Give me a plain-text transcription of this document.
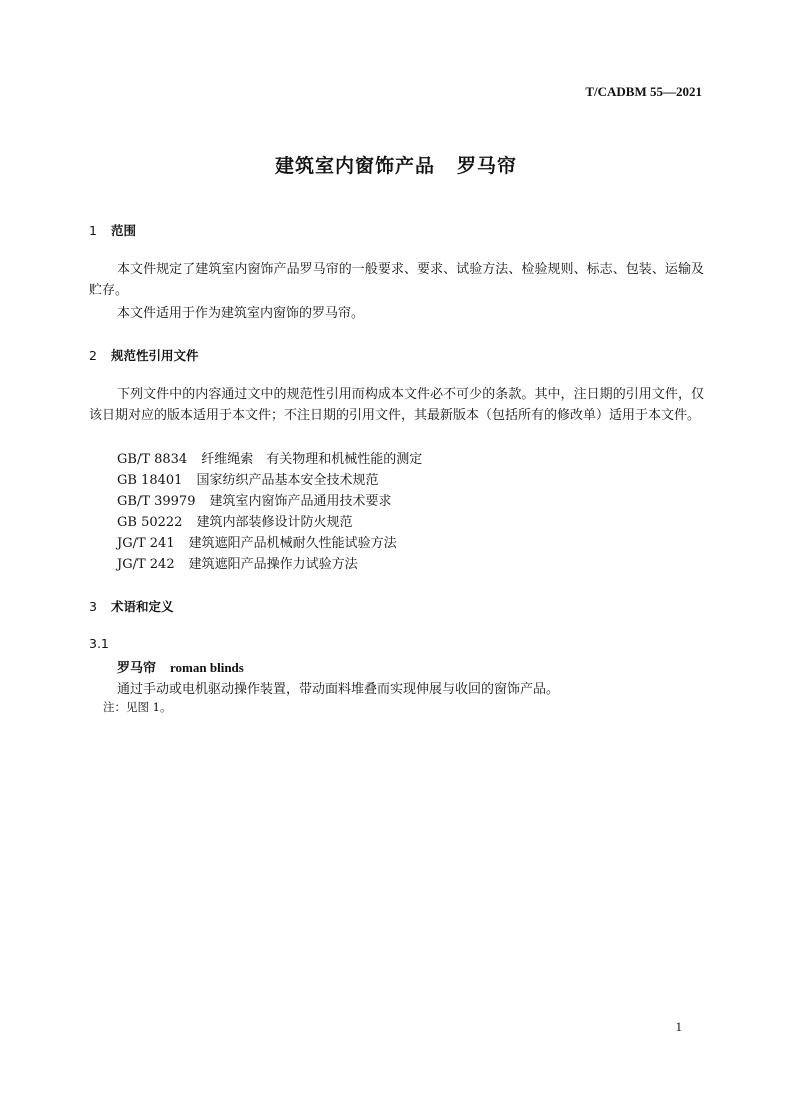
T/CADBM 55—2021
建筑室内窗饰产品 罗马帘
1 范围
本文件规定了建筑室内窗饰产品罗马帘的一般要求、要求、试验方法、检验规则、标志、包装、运输及贮存。
本文件适用于作为建筑室内窗饰的罗马帘。
2 规范性引用文件
下列文件中的内容通过文中的规范性引用而构成本文件必不可少的条款。其中，注日期的引用文件，仅该日期对应的版本适用于本文件；不注日期的引用文件，其最新版本（包括所有的修改单）适用于本文件。
GB/T 8834 纤维绳索　有关物理和机械性能的测定
GB 18401 国家纺织产品基本安全技术规范
GB/T 39979 建筑室内窗饰产品通用技术要求
GB 50222 建筑内部装修设计防火规范
JG/T 241 建筑遮阳产品机械耐久性能试验方法
JG/T 242 建筑遮阳产品操作力试验方法
3 术语和定义
3.1
罗马帘 roman blinds
通过手动或电机驱动操作装置，带动面料堆叠而实现伸展与收回的窗饰产品。
注：见图 1。
1
